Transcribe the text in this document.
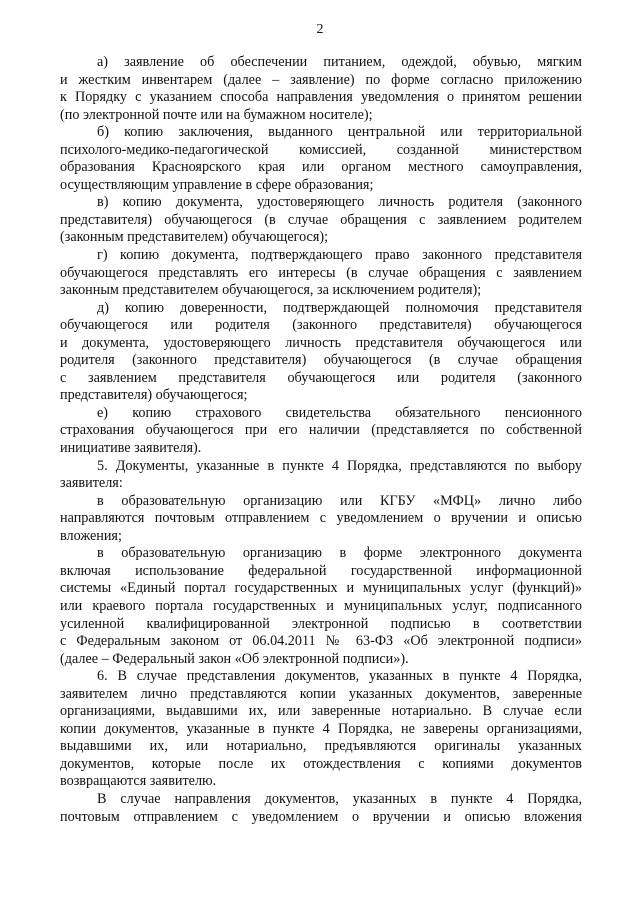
2
а) заявление об обеспечении питанием, одеждой, обувью, мягким
и жестким инвентарем (далее – заявление) по форме согласно приложению
к Порядку с указанием способа направления уведомления о принятом решении
(по электронной почте или на бумажном носителе);
б) копию заключения, выданного центральной или территориальной
психолого-медико-педагогической комиссией, созданной министерством
образования Красноярского края или органом местного самоуправления,
осуществляющим управление в сфере образования;
в) копию документа, удостоверяющего личность родителя (законного
представителя) обучающегося (в случае обращения с заявлением родителем
(законным представителем) обучающегося);
г) копию документа, подтверждающего право законного представителя
обучающегося представлять его интересы (в случае обращения с заявлением
законным представителем обучающегося, за исключением родителя);
д) копию доверенности, подтверждающей полномочия представителя
обучающегося или родителя (законного представителя) обучающегося
и документа, удостоверяющего личность представителя обучающегося или
родителя (законного представителя) обучающегося (в случае обращения
с заявлением представителя обучающегося или родителя (законного
представителя) обучающегося;
е) копию страхового свидетельства обязательного пенсионного
страхования обучающегося при его наличии (представляется по собственной
инициативе заявителя).
5. Документы, указанные в пункте 4 Порядка, представляются по выбору
заявителя:
в образовательную организацию или КГБУ «МФЦ» лично либо
направляются почтовым отправлением с уведомлением о вручении и описью
вложения;
в образовательную организацию в форме электронного документа
включая использование федеральной государственной информационной
системы «Единый портал государственных и муниципальных услуг (функций)»
или краевого портала государственных и муниципальных услуг, подписанного
усиленной квалифицированной электронной подписью в соответствии
с Федеральным законом от 06.04.2011 № 63-ФЗ «Об электронной подписи»
(далее – Федеральный закон «Об электронной подписи»).
6. В случае представления документов, указанных в пункте 4 Порядка,
заявителем лично представляются копии указанных документов, заверенные
организациями, выдавшими их, или заверенные нотариально. В случае если
копии документов, указанные в пункте 4 Порядка, не заверены организациями,
выдавшими их, или нотариально, предъявляются оригиналы указанных
документов, которые после их отождествления с копиями документов
возвращаются заявителю.
В случае направления документов, указанных в пункте 4 Порядка,
почтовым отправлением с уведомлением о вручении и описью вложения
